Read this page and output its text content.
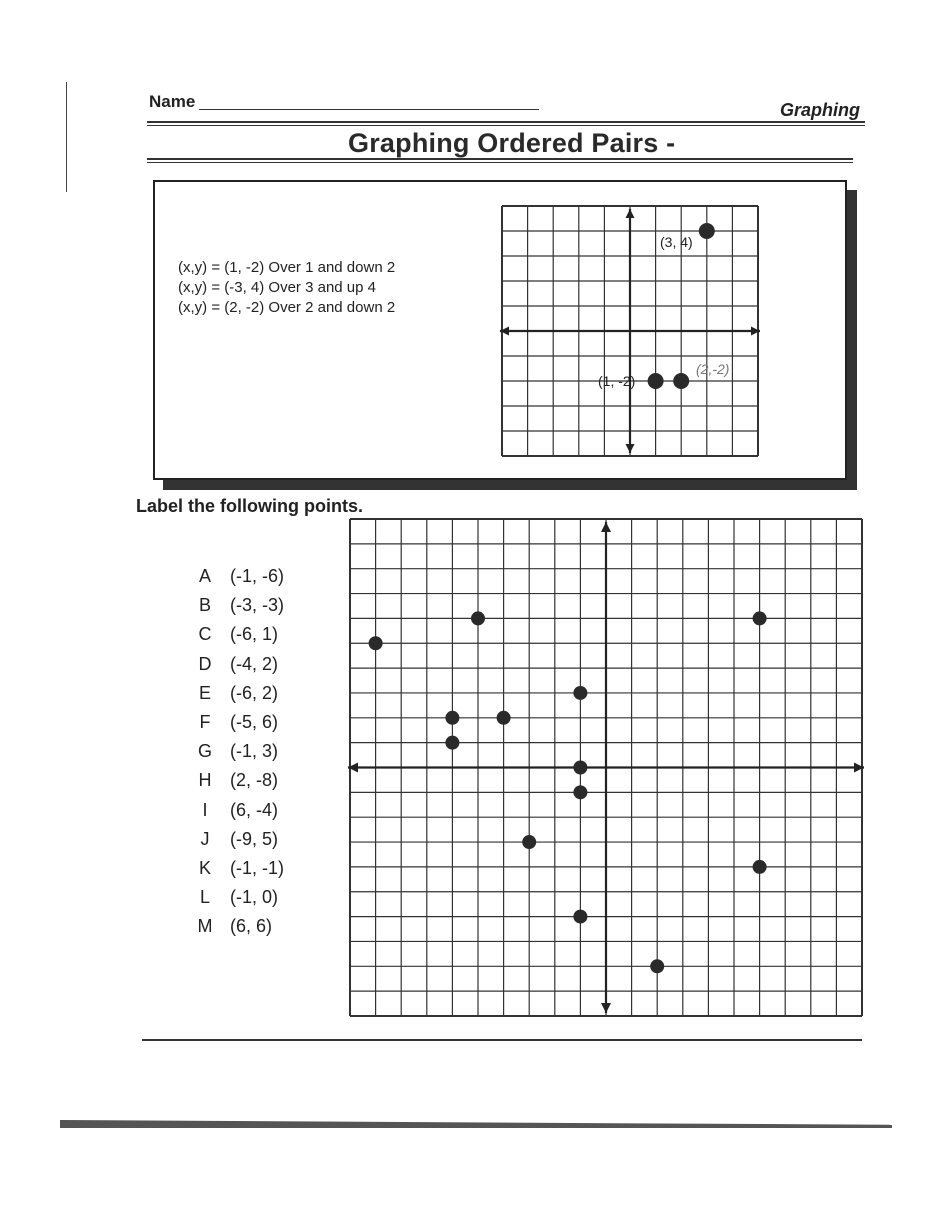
Name	Graphing
Graphing Ordered Pairs -
(x,y) = (1, -2) Over 1 and down 2
(x,y) = (-3, 4) Over 3 and up 4
(x,y) = (2, -2) Over 2 and down 2
(3, 4)
(1, -2)
(2,-2)
Label the following points.
A	(-1, -6)
B	(-3, -3)
C	(-6, 1)
D	(-4, 2)
E	(-6, 2)
F	(-5, 6)
G	(-1, 3)
H	(2, -8)
I	(6, -4)
J	(-9, 5)
K	(-1, -1)
L	(-1, 0)
M (6, 6)
